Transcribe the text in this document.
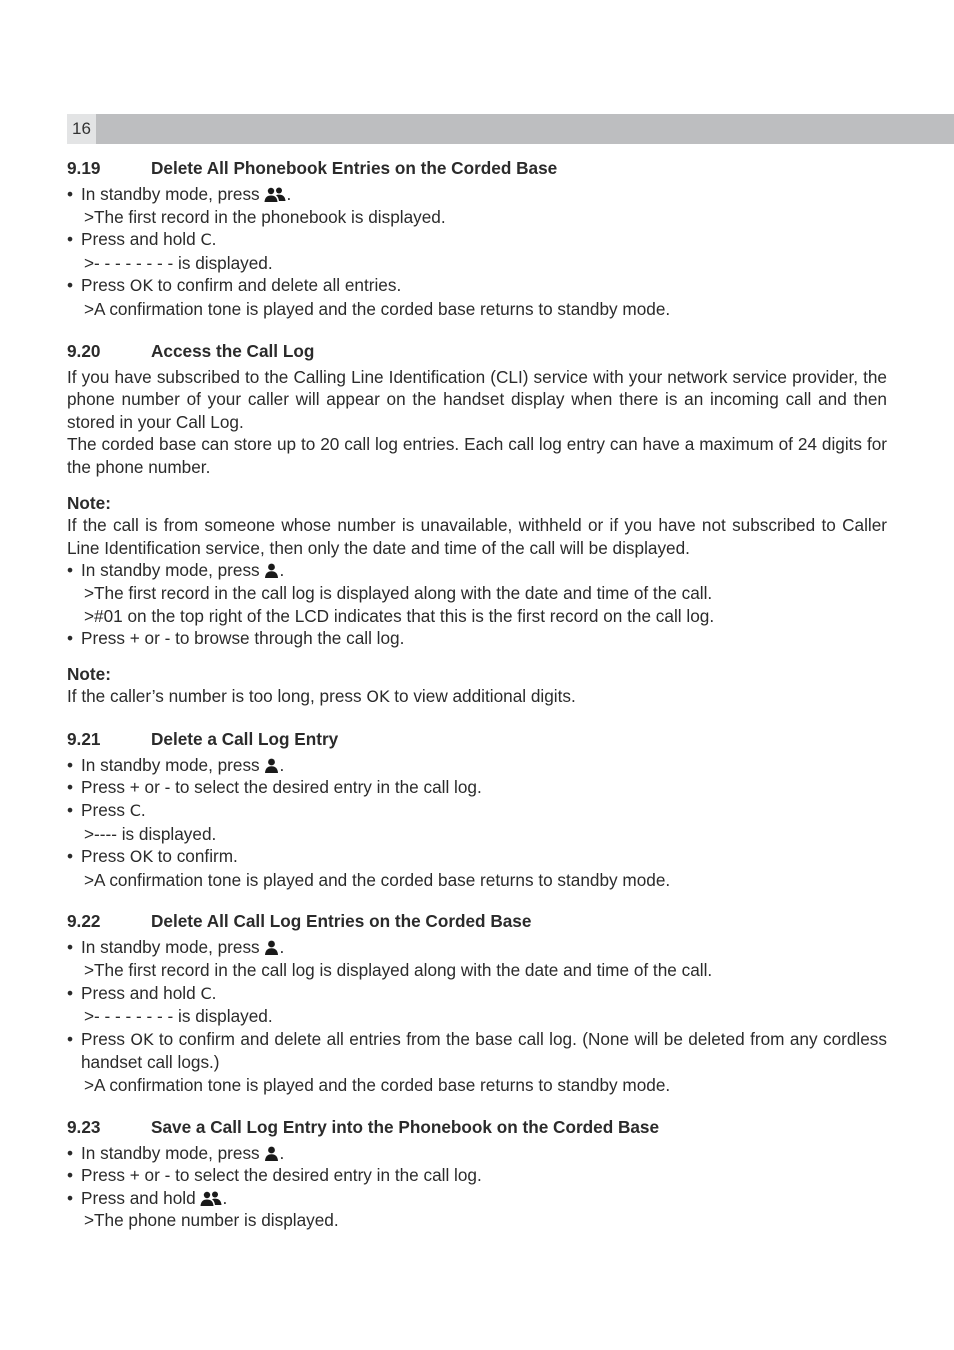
16
9.19	Delete All Phonebook Entries on the Corded Base
• In standby mode, press .
>The first record in the phonebook is displayed.
• Press and hold C.
>- - - - - - - - is displayed.
• Press OK to confirm and delete all entries.
>A confirmation tone is played and the corded base returns to standby mode.
9.20	Access the Call Log
If you have subscribed to the Calling Line Identification (CLI) service with your network service provider, the phone number of your caller will appear on the handset display when there is an incoming call and then stored in your Call Log.
The corded base can store up to 20 call log entries. Each call log entry can have a maximum of 24 digits for the phone number.
Note:
If the call is from someone whose number is unavailable, withheld or if you have not subscribed to Caller Line Identification service, then only the date and time of the call will be displayed.
• In standby mode, press .
>The first record in the call log is displayed along with the date and time of the call.
>#01 on the top right of the LCD indicates that this is the first record on the call log.
• Press + or - to browse through the call log.
Note:
If the caller’s number is too long, press OK to view additional digits.
9.21	Delete a Call Log Entry
• In standby mode, press .
• Press + or - to select the desired entry in the call log.
• Press C.
>---- is displayed.
• Press OK to confirm.
>A confirmation tone is played and the corded base returns to standby mode.
9.22	Delete All Call Log Entries on the Corded Base
• In standby mode, press .
>The first record in the call log is displayed along with the date and time of the call.
• Press and hold C.
>- - - - - - - - is displayed.
• Press OK to confirm and delete all entries from the base call log. (None will be deleted from any cordless handset call logs.)
>A confirmation tone is played and the corded base returns to standby mode.
9.23	Save a Call Log Entry into the Phonebook on the Corded Base
• In standby mode, press .
• Press + or - to select the desired entry in the call log.
• Press and hold .
>The phone number is displayed.
